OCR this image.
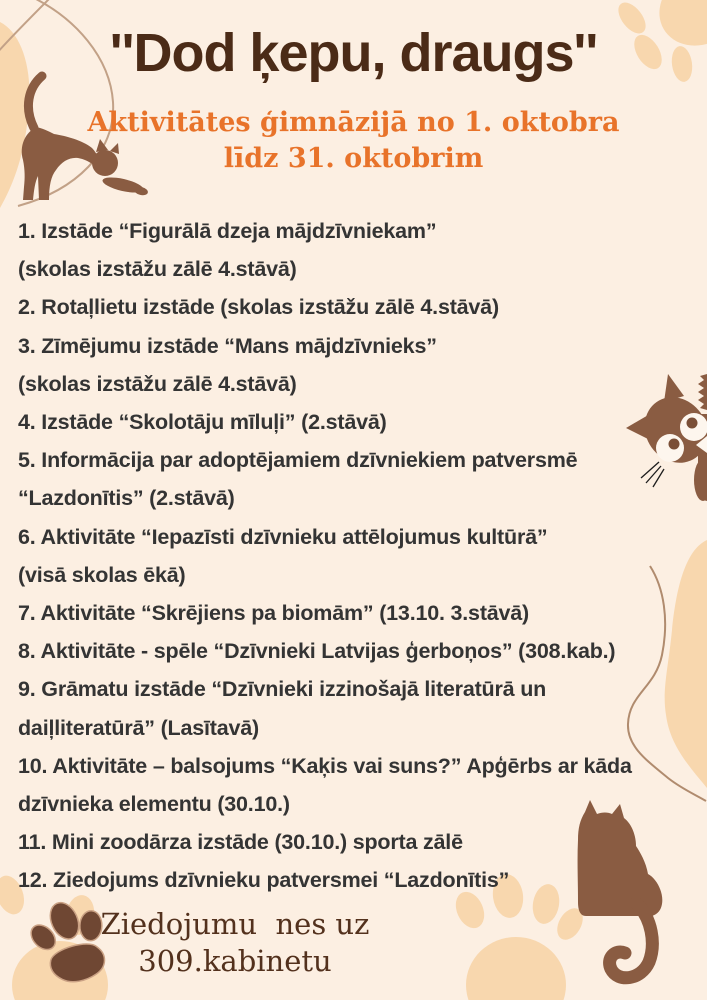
''Dod ķepu, draugs''
Aktivitātes ģimnāzijā no 1. oktobra
līdz 31. oktobrim
1. Izstāde “Figurālā dzeja mājdzīvniekam”
(skolas izstāžu zālē 4.stāvā)
2. Rotaļlietu izstāde (skolas izstāžu zālē 4.stāvā)
3. Zīmējumu izstāde “Mans mājdzīvnieks”
(skolas izstāžu zālē 4.stāvā)
4. Izstāde “Skolotāju mīluļi” (2.stāvā)
5. Informācija par adoptējamiem dzīvniekiem patversmē
“Lazdonītis” (2.stāvā)
6. Aktivitāte “Iepazīsti dzīvnieku attēlojumus kultūrā”
(visā skolas ēkā)
7. Aktivitāte “Skrējiens pa biomām” (13.10. 3.stāvā)
8. Aktivitāte - spēle “Dzīvnieki Latvijas ģerboņos” (308.kab.)
9. Grāmatu izstāde “Dzīvnieki izzinošajā literatūrā un
daiļliteratūrā” (Lasītavā)
10. Aktivitāte – balsojums “Kaķis vai suns?” Apģērbs ar kāda
dzīvnieka elementu (30.10.)
11. Mini zoodārza izstāde (30.10.) sporta zālē
12. Ziedojums dzīvnieku patversmei “Lazdonītis”
Ziedojumu  nes uz
309.kabinetu
